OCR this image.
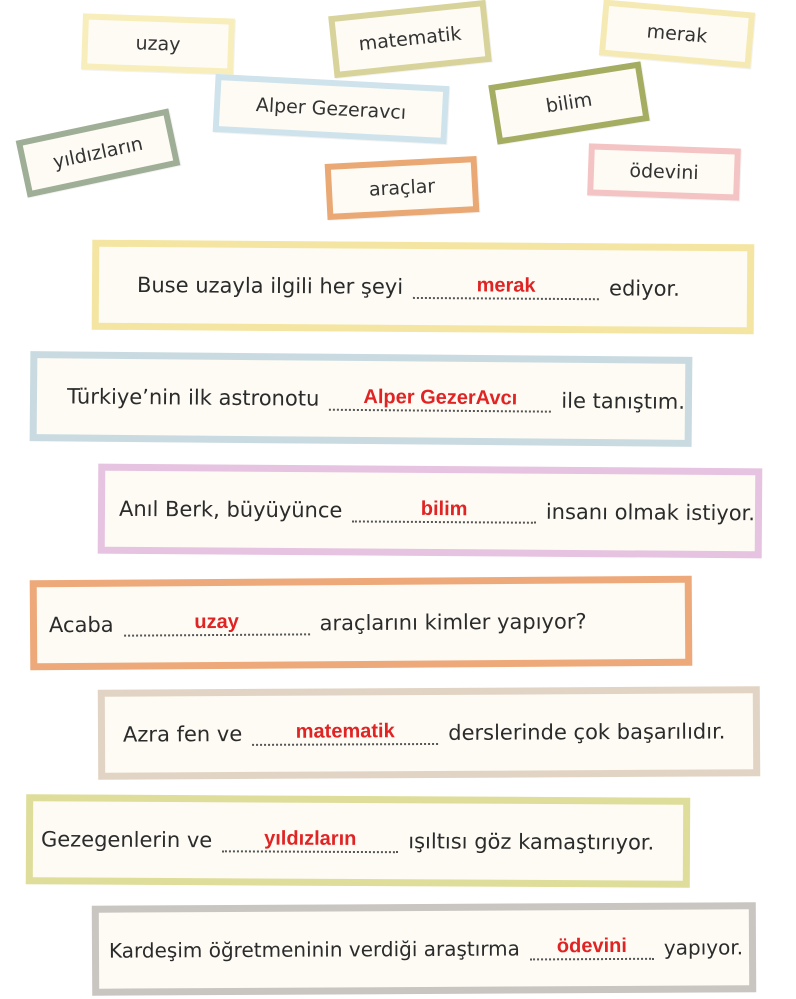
uzay	matematik	merak
Alper Gezeravcı	bilim
yıldızların	ödevini
araçlar
Buse uzayla ilgili her şeyi	merak	ediyor.
Türkiye’nin ilk astronotu	Alper GezerAvcı	ile tanıştım.
Anıl Berk, büyüyünce	bilim	insanı olmak istiyor.
Acaba	uzay	araçlarını kimler yapıyor?
Azra fen ve	matematik	derslerinde çok başarılıdır.
Gezegenlerin ve	yıldızların	ışıltısı göz kamaştırıyor.
Kardeşim öğretmeninin verdiği araştırma	ödevini	yapıyor.
